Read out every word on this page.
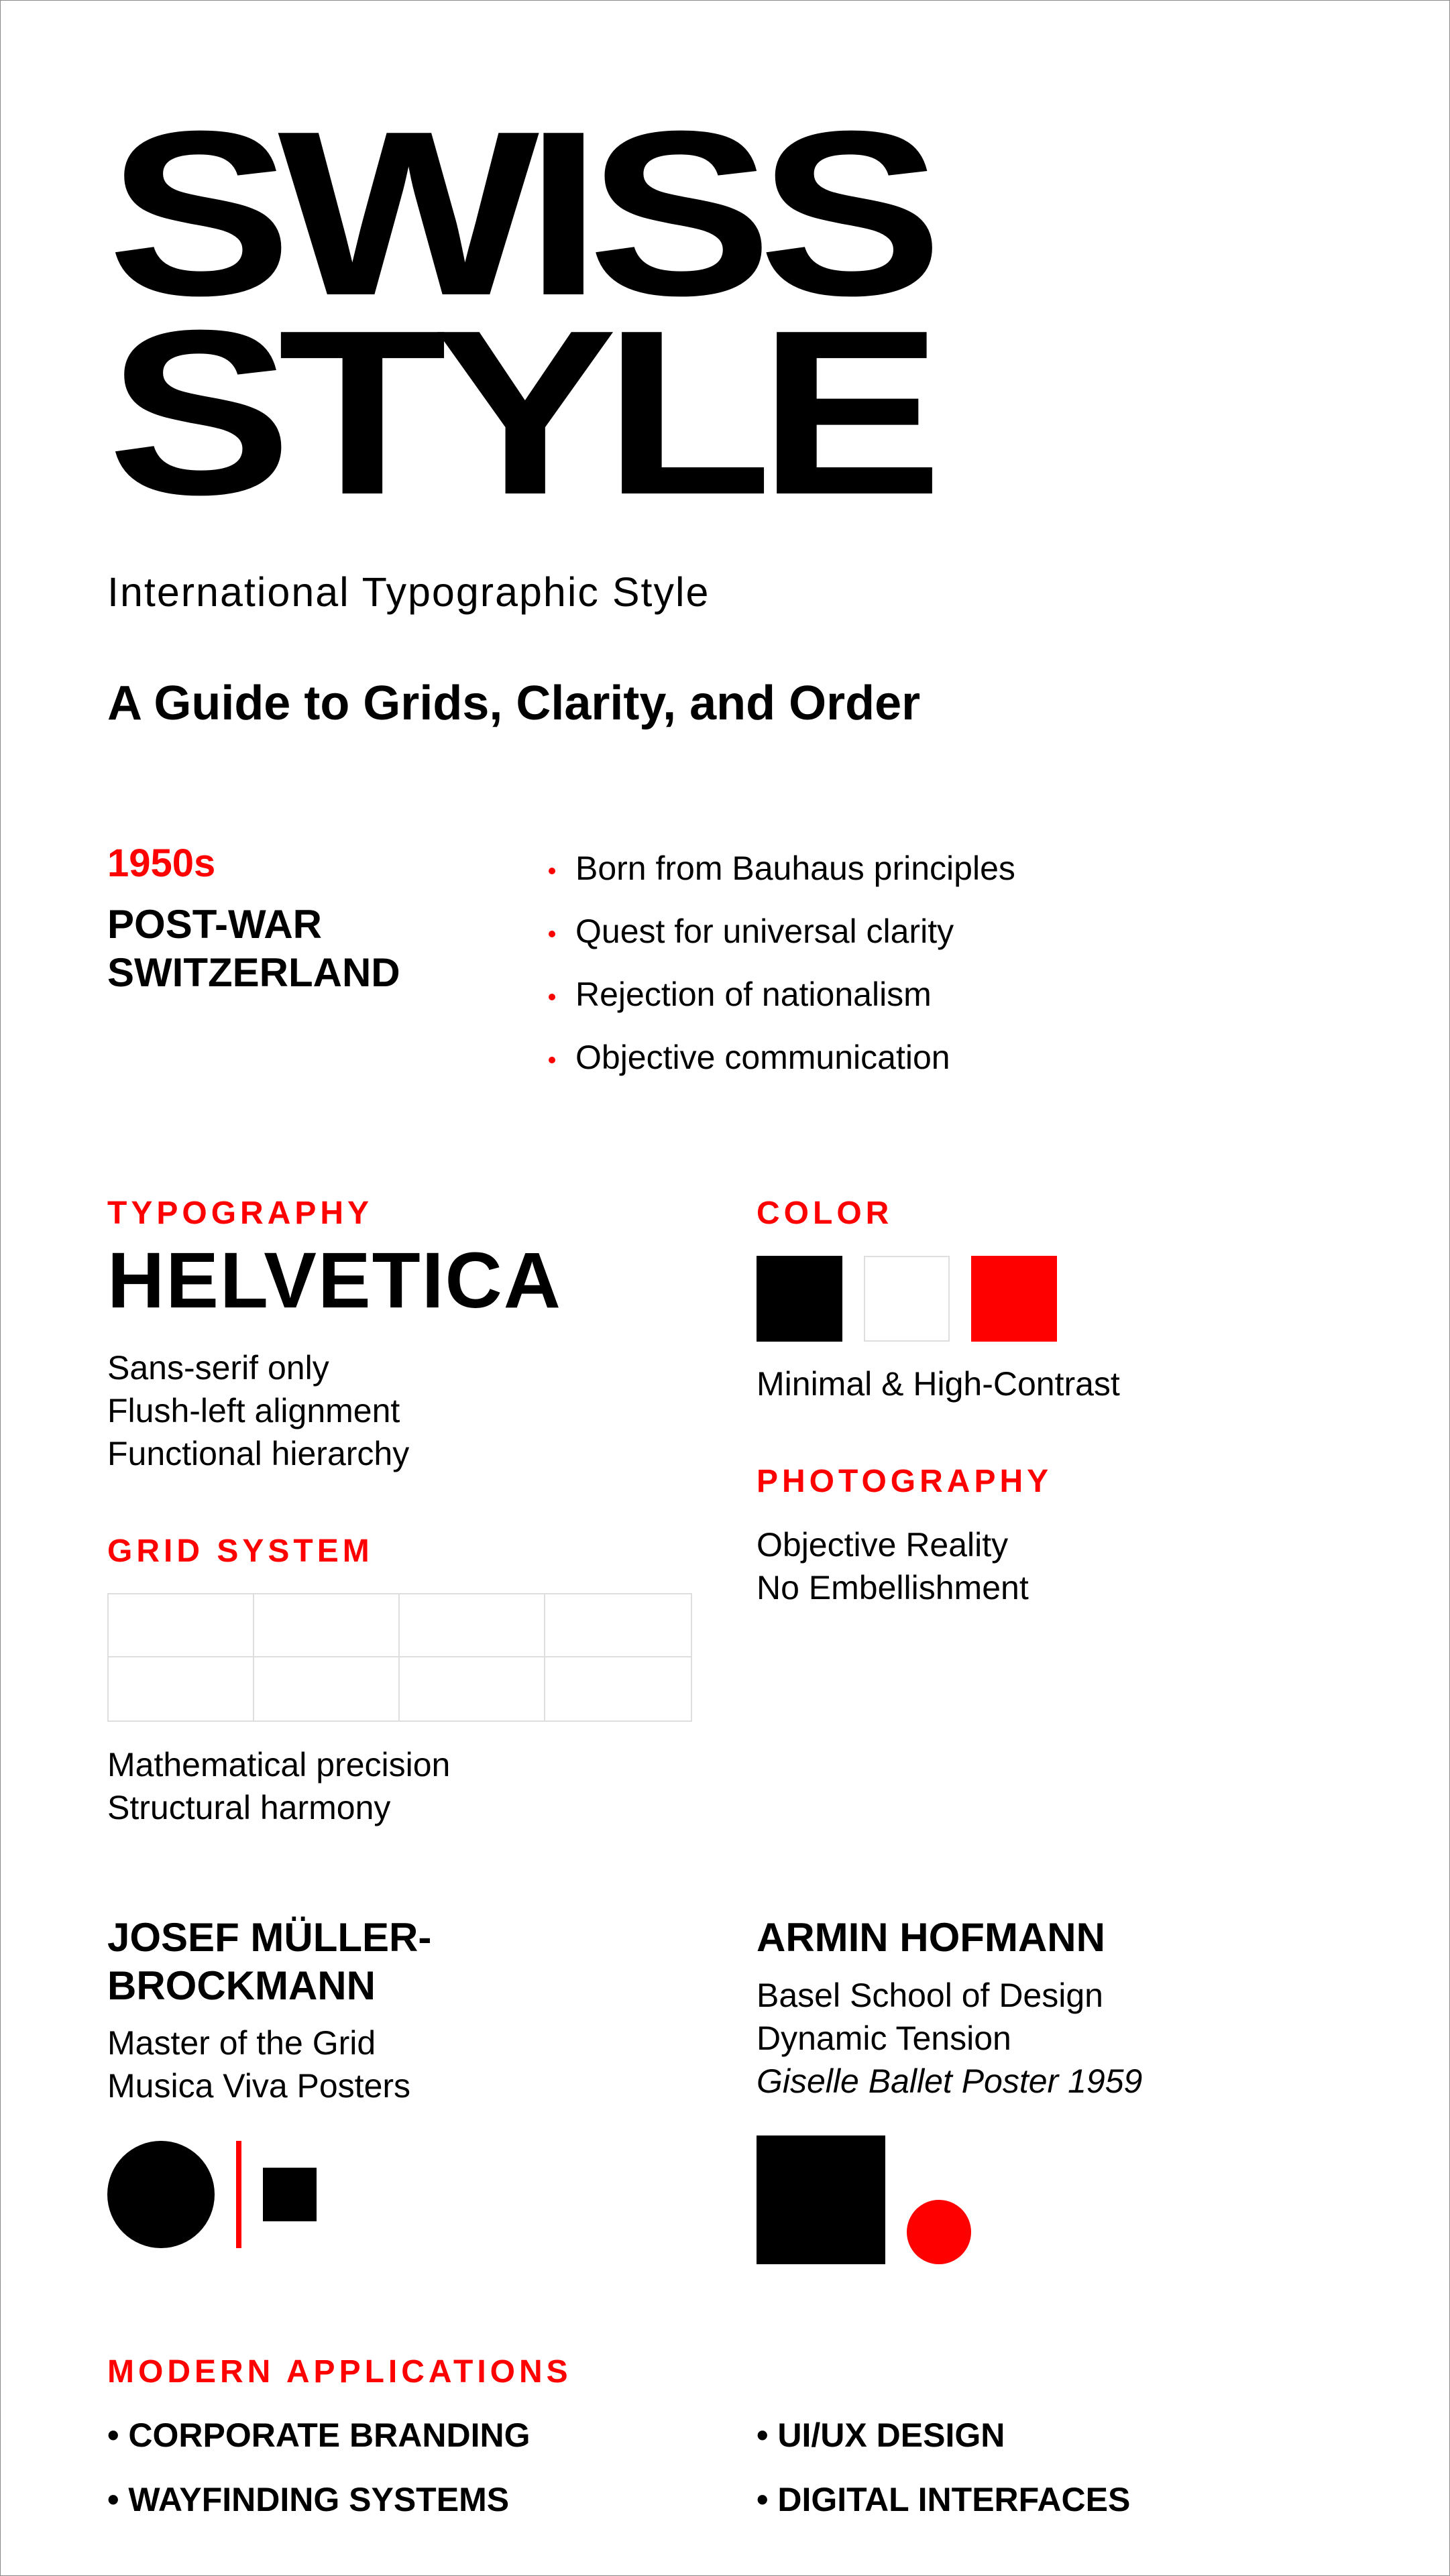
SWISS
STYLE
International Typographic Style
A Guide to Grids, Clarity, and Order
1950s
POST-WAR
SWITZERLAND
Born from Bauhaus principles
Quest for universal clarity
Rejection of nationalism
Objective communication
TYPOGRAPHY
HELVETICA
Sans-serif only
Flush-left alignment
Functional hierarchy
COLOR
Minimal & High-Contrast
PHOTOGRAPHY
Objective Reality
No Embellishment
GRID SYSTEM
Mathematical precision
Structural harmony
JOSEF MÜLLER-
BROCKMANN
Master of the Grid
Musica Viva Posters
ARMIN HOFMANN
Basel School of Design
Dynamic Tension
Giselle Ballet Poster 1959
MODERN APPLICATIONS
• CORPORATE BRANDING
• WAYFINDING SYSTEMS
• UI/UX DESIGN
• DIGITAL INTERFACES
